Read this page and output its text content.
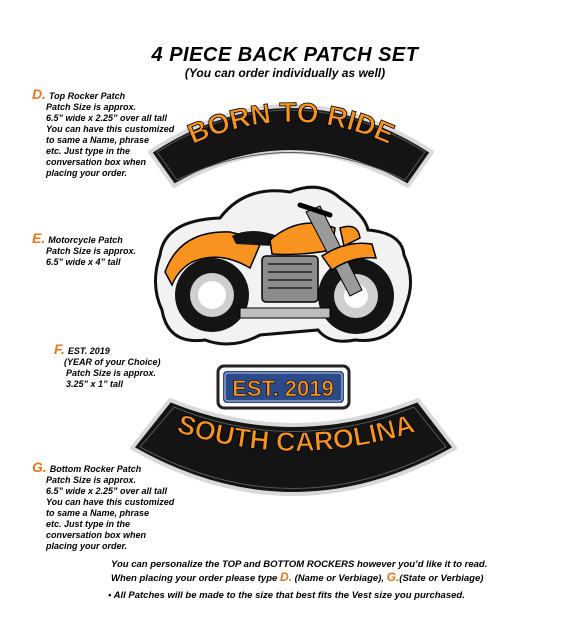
4 PIECE BACK PATCH SET
(You can order individually as well)
BORN TO RIDE
EST. 2019
SOUTH CAROLINA
D. Top Rocker Patch
Patch Size is approx.
6.5” wide x 2.25” over all tall
You can have this customized
to same a Name, phrase
etc. Just type in the
conversation box when
placing your order.
E. Motorcycle Patch
Patch Size is approx.
6.5” wide x 4” tall
F. EST. 2019
(YEAR of your Choice)
Patch Size is approx.
3.25” x 1” tall
G. Bottom Rocker Patch
Patch Size is approx.
6.5” wide x 2.25” over all tall
You can have this customized
to same a Name, phrase
etc. Just type in the
conversation box when
placing your order.
You can personalize the TOP and BOTTOM ROCKERS however you’d like it to read.
When placing your order please type D. (Name or Verbiage), G.(State or Verbiage)
• All Patches will be made to the size that best fits the Vest size you purchased.
